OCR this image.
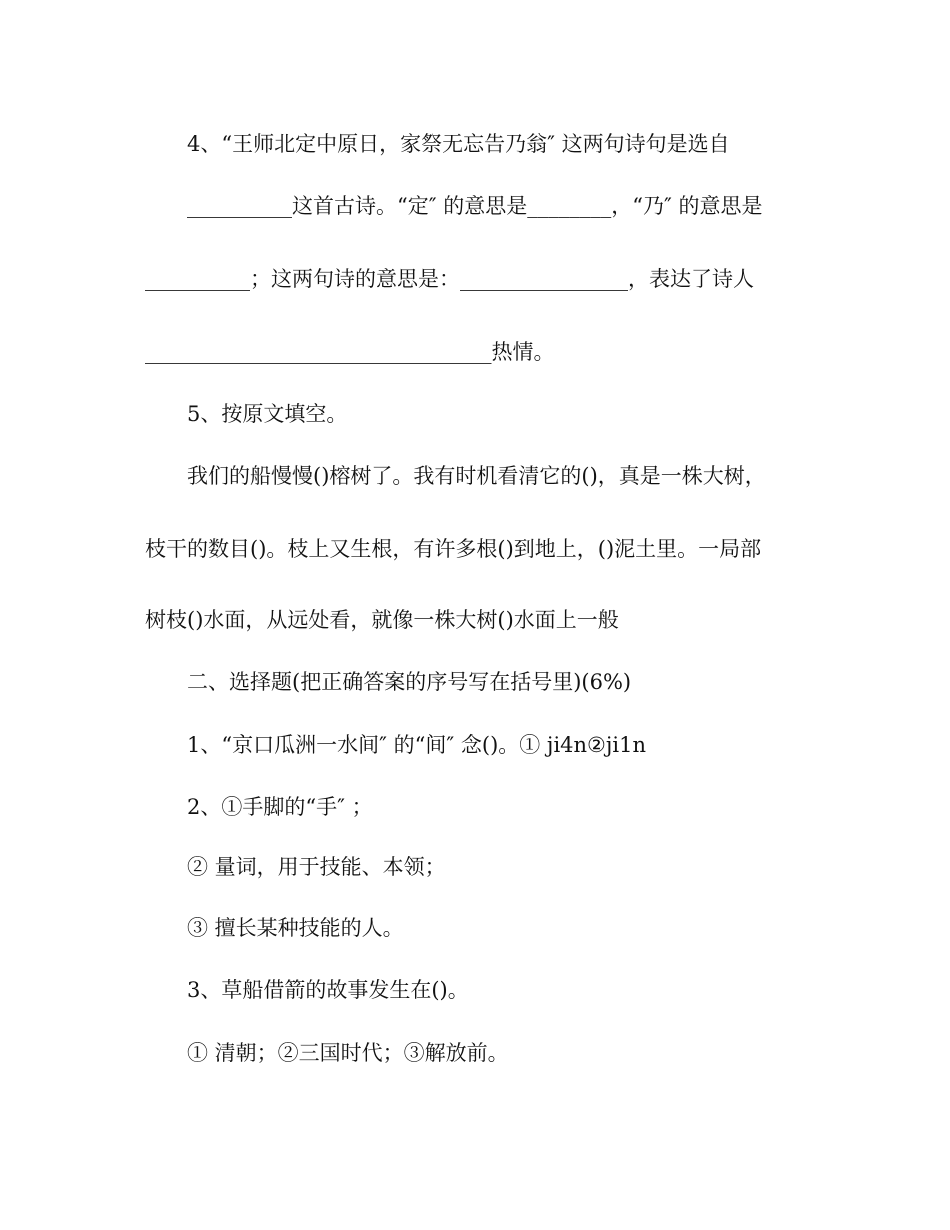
4、“王师北定中原日，家祭无忘告乃翁″ 这两句诗句是选自
__________这首古诗。“定″ 的意思是________，“乃″ 的意思是
__________；这两句诗的意思是：________________，表达了诗人
_________________________________热情。
5、按原文填空。
我们的船慢慢()榕树了。我有时机看清它的()，真是一株大树，
枝干的数目()。枝上又生根，有许多根()到地上，()泥土里。一局部
树枝()水面，从远处看，就像一株大树()水面上一般
二、选择题(把正确答案的序号写在括号里)(6%)
1、“京口瓜洲一水间″ 的“间″ 念()。① ji4n②ji1n
2、①手脚的“手″ ；
② 量词，用于技能、本领；
③ 擅长某种技能的人。
3、草船借箭的故事发生在()。
① 清朝；②三国时代；③解放前。
